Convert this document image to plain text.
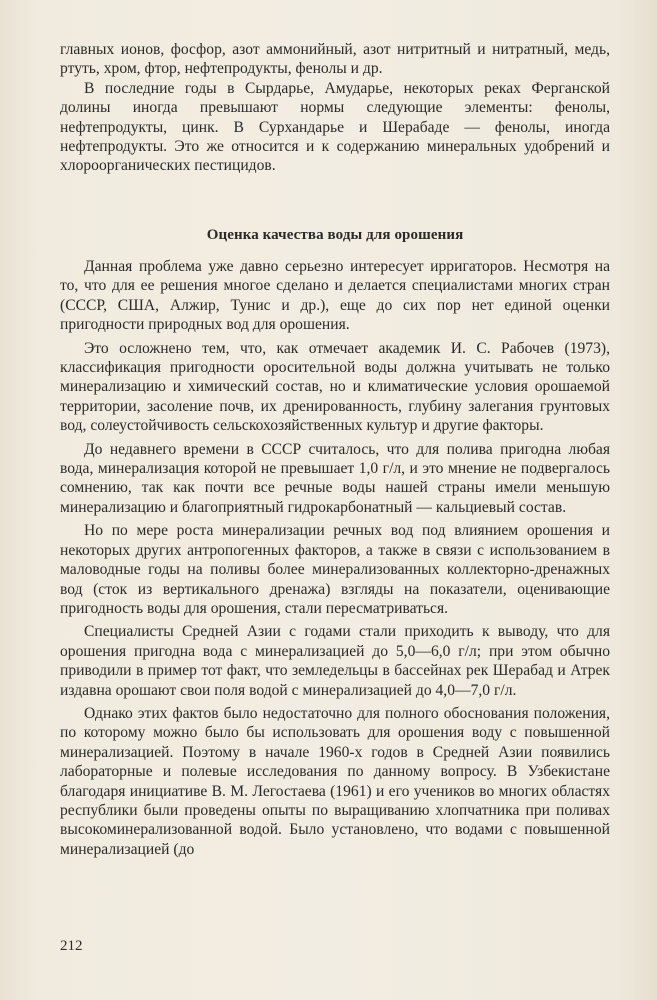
главных ионов, фосфор, азот аммонийный, азот нитритный и нитратный, медь, ртуть, хром, фтор, нефтепродукты, фенолы и др.

В последние годы в Сырдарье, Амударье, некоторых реках Ферганской долины иногда превышают нормы следующие элементы: фенолы, нефтепродукты, цинк. В Сурхандарье и Шерабаде — фенолы, иногда нефтепродукты. Это же относится и к содержанию минеральных удобрений и хлороорганических пестицидов.

Оценка качества воды для орошения

Данная проблема уже давно серьезно интересует ирригаторов. Несмотря на то, что для ее решения многое сделано и делается специалистами многих стран (СССР, США, Алжир, Тунис и др.), еще до сих пор нет единой оценки пригодности природных вод для орошения.

Это осложнено тем, что, как отмечает академик И. С. Рабочев (1973), классификация пригодности оросительной воды должна учитывать не только минерализацию и химический состав, но и климатические условия орошаемой территории, засоление почв, их дренированность, глубину залегания грунтовых вод, солеустойчивость сельскохозяйственных культур и другие факторы.

До недавнего времени в СССР считалось, что для полива пригодна любая вода, минерализация которой не превышает 1,0 г/л, и это мнение не подвергалось сомнению, так как почти все речные воды нашей страны имели меньшую минерализацию и благоприятный гидрокарбонатный — кальциевый состав.

Но по мере роста минерализации речных вод под влиянием орошения и некоторых других антропогенных факторов, а также в связи с использованием в маловодные годы на поливы более минерализованных коллекторно-дренажных вод (сток из вертикального дренажа) взгляды на показатели, оценивающие пригодность воды для орошения, стали пересматриваться.

Специалисты Средней Азии с годами стали приходить к выводу, что для орошения пригодна вода с минерализацией до 5,0—6,0 г/л; при этом обычно приводили в пример тот факт, что земледельцы в бассейнах рек Шерабад и Атрек издавна орошают свои поля водой с минерализацией до 4,0—7,0 г/л.

Однако этих фактов было недостаточно для полного обоснования положения, по которому можно было бы использовать для орошения воду с повышенной минерализацией. Поэтому в начале 1960-х годов в Средней Азии появились лабораторные и полевые исследования по данному вопросу. В Узбекистане благодаря инициативе В. М. Легостаева (1961) и его учеников во многих областях республики были проведены опыты по выращиванию хлопчатника при поливах высокоминерализованной водой. Было установлено, что водами с повышенной минерализацией (до

212
